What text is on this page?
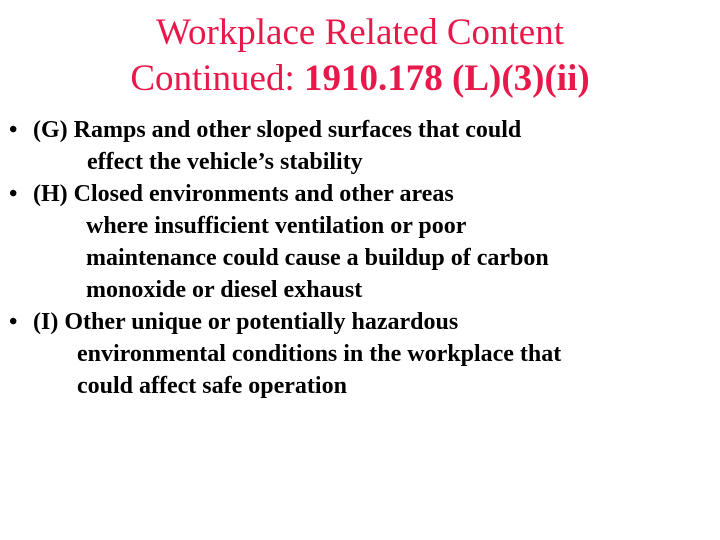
Workplace Related Content
Continued: 1910.178 (L)(3)(ii)
• (G) Ramps and other sloped surfaces that could
effect the vehicle’s stability
• (H) Closed environments and other areas
where insufficient ventilation or poor
maintenance could cause a buildup of carbon
monoxide or diesel exhaust
• (I) Other unique or potentially hazardous
environmental conditions in the workplace that
could affect safe operation
